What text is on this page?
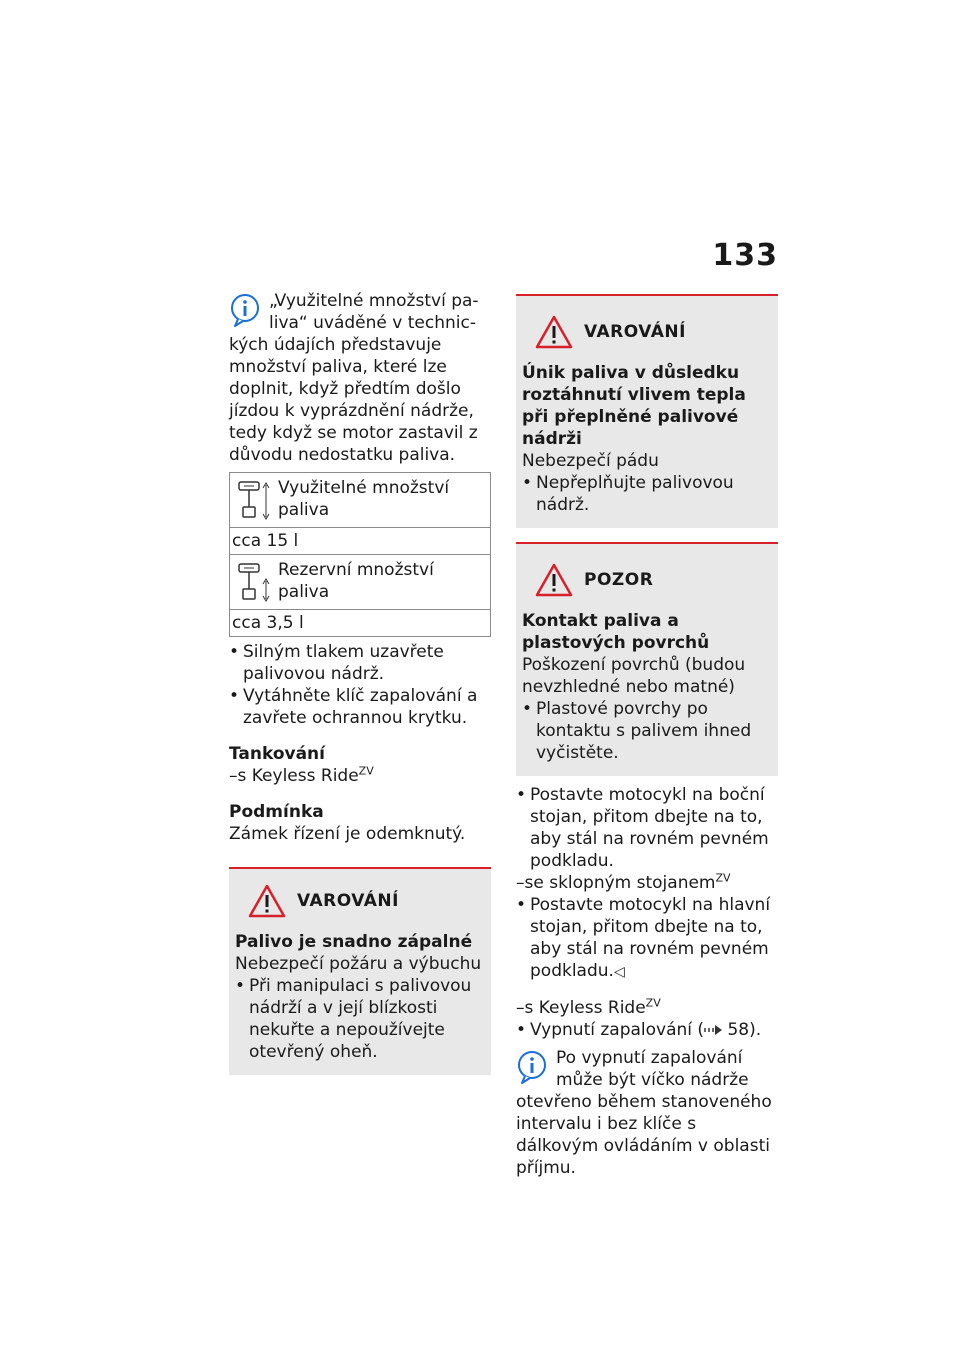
133

„Využitelné množství pa-

liva“ uváděné v technic-

kých údajích představuje množství paliva, které lze doplnit, když předtím došlo jízdou k vyprázdnění nádrže, tedy když se motor zastavil z důvodu nedostatku paliva.

Využitelné množství paliva
cca 15 l
Rezervní množství paliva
cca 3,5 l
• Silným tlakem uzavřete palivovou nádrž.
• Vytáhněte klíč zapalování a zavřete ochrannou krytku.

Tankování

–s Keyless Ride$^{ZV}$

Podmínka

Zámek řízení je odemknutý.

VAROVÁNÍ

Palivo je snadno zápalné

Nebezpečí požáru a výbuchu

• Při manipulaci s palivovou nádrží a v její blízkosti nekuřte a nepoužívejte otevřený oheň.
VAROVÁNÍ

Únik paliva v důsledku roztáhnutí vlivem tepla při přeplněné palivové nádrži

Nebezpečí pádu

• Nepřeplňujte palivovou nádrž.
POZOR

Kontakt paliva a plastových povrchů

Poškození povrchů (budou nevzhledné nebo matné)

• Plastové povrchy po kontaktu s palivem ihned vyčistěte.
• Postavte motocykl na boční stojan, přitom dbejte na to, aby stál na rovném pevném podkladu.

–se sklopným stojanem$^{ZV}$

• Postavte motocykl na hlavní stojan, přitom dbejte na to, aby stál na rovném pevném podkladu.◁

–s Keyless Ride$^{ZV}$

• Vypnutí zapalování ( 58).

Po vypnutí zapalování

může být víčko nádrže

otevřeno během stanoveného intervalu i bez klíče s dálkovým ovládáním v oblasti příjmu.
